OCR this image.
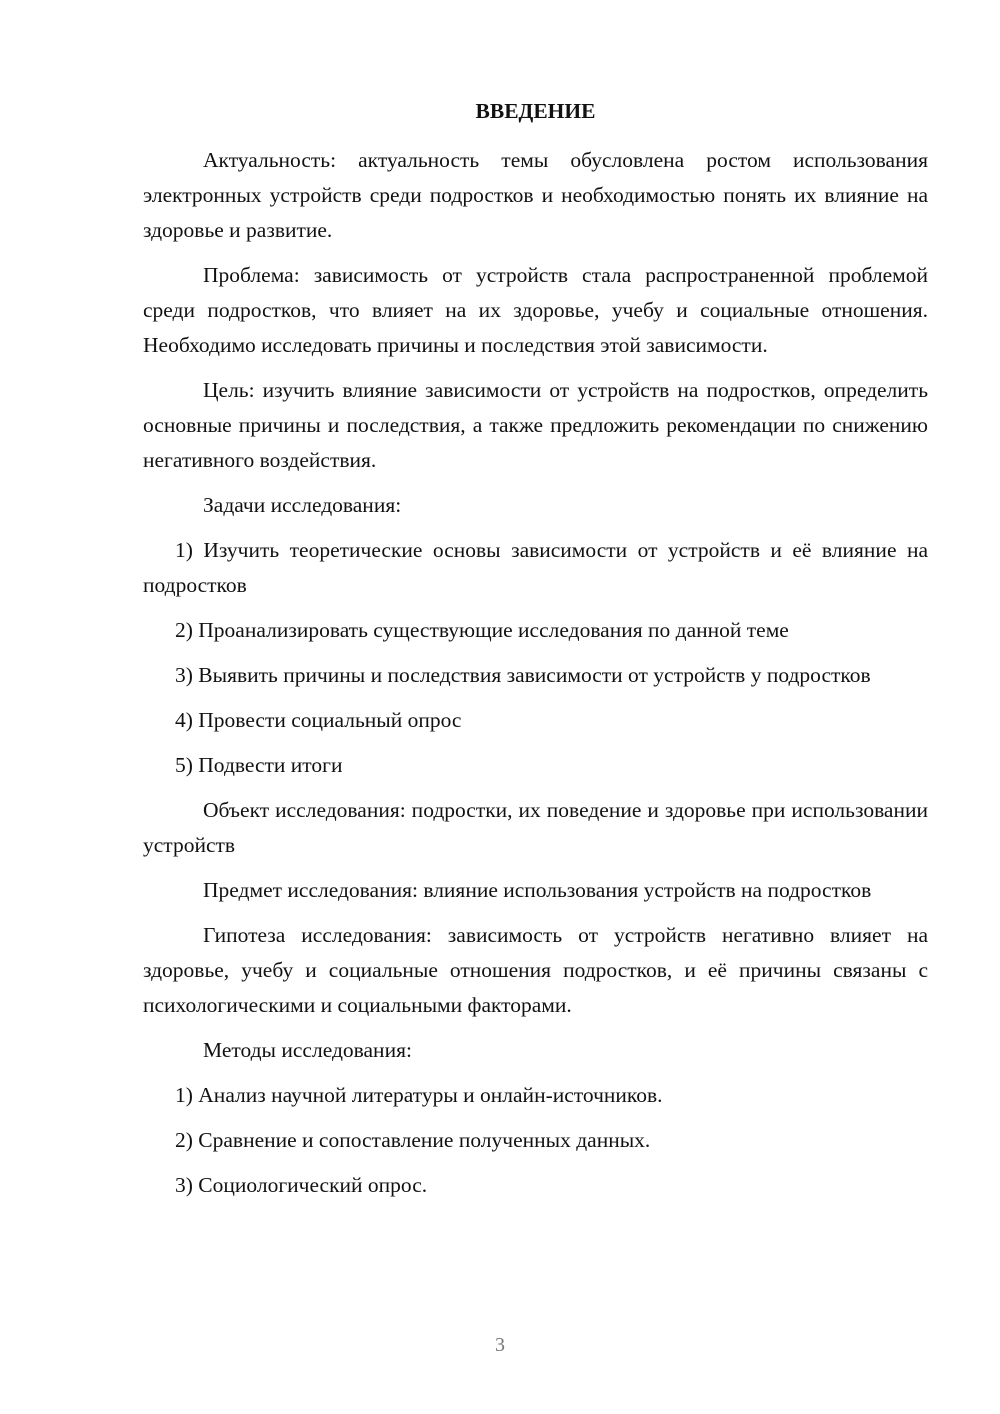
ВВЕДЕНИЕ

Актуальность: актуальность темы обусловлена ростом использования электронных устройств среди подростков и необходимостью понять их влияние на здоровье и развитие.

Проблема: зависимость от устройств стала распространенной проблемой среди подростков, что влияет на их здоровье, учебу и социальные отношения. Необходимо исследовать причины и последствия этой зависимости.

Цель: изучить влияние зависимости от устройств на подростков, определить основные причины и последствия, а также предложить рекомендации по снижению негативного воздействия.

Задачи исследования:

1) Изучить теоретические основы зависимости от устройств и её влияние на подростков

2) Проанализировать существующие исследования по данной теме

3) Выявить причины и последствия зависимости от устройств у подростков

4) Провести социальный опрос

5) Подвести итоги

Объект исследования: подростки, их поведение и здоровье при использовании устройств

Предмет исследования: влияние использования устройств на подростков

Гипотеза исследования: зависимость от устройств негативно влияет на здоровье, учебу и социальные отношения подростков, и её причины связаны с психологическими и социальными факторами.

Методы исследования:

1) Анализ научной литературы и онлайн-источников.

2) Сравнение и сопоставление полученных данных.

3) Социологический опрос.

3
